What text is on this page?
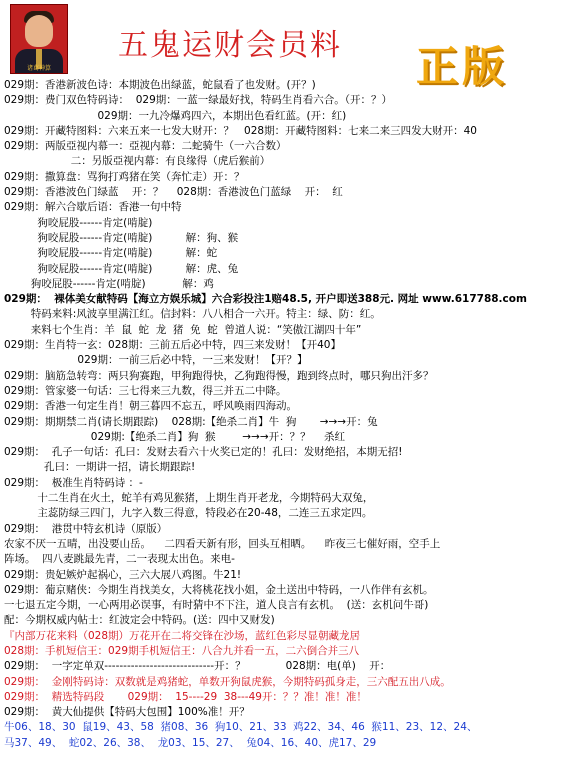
诸葛神算
五鬼运财会员料 正版
029期：香港新波色诗：本期波色出绿蓝，蛇鼠看了也发财。(开？)
029期：费门双色特码诗：  029期：一蓝一绿最好找，特码生肖看六合。（开：？）
029期：一九冷爆鸡四六，本期出色看红蓝。(开：红)
029期：开藏特图料：六来五来一七发大财开：？   028期：开藏特图料：七来二来三四发大财开：40
029期：两版亞视内幕一：亞视内幕：二蛇骑牛（一六合数）
二：另版亞视内幕：有良缘得（虎后猴前）
029期：撒算盘：骂狗打鸡猪在笑（奔忙走）开：？
029期：香港波色门绿蓝    开：？    028期：香港波色门蓝绿    开：  红
029期：解六合歇后语：香港一句中特
狗咬屁股------肯定(啃腚)
狗咬屁股------肯定(啃腚)          解：狗、猴
狗咬屁股------肯定(啃腚)          解：蛇
狗咬屁股------肯定(啃腚)          解：虎、兔
狗咬屁股------肯定(啃腚)           解：鸡
029期：  裸体美女献特码【海立方娱乐城】六合彩投注1赔48.5, 开户即送388元. 网址 www.617788.com
特码来料:风波享里满江红。信封料：八八相合一六开。特主：绿、防：红。
来料七个生肖：羊  鼠  蛇  龙  猪  免  蛇  曾道人说：“笑傲江湖四十年”
029期：生肖特一玄：028期：三前五后必中特，四三来发财！【开40】
029期：一前三后必中特，一三来发财！【开？】
029期：脑筋急转弯：两只狗赛跑，甲狗跑得快，乙狗跑得慢，跑到终点时，哪只狗出汗多？
029期：管家婆一句话：三七得来三九数，得三并五二中降。
029期：香港一句定生肖！朝三暮四不忘五，呼风唤雨四海动。
029期：期期禁二肖(请长期跟踪)    028期:【绝杀二肖】牛  狗       →→→开：兔
029期:【绝杀二肖】狗  猴        →→→开：？？    杀红
029期：  孔子一句话：孔曰：发财去看六十火奖已定的！孔曰：发财绝招，本期无招!
孔曰：一期讲一招，请长期跟踪!
029期：  极准生肖特码诗 ：-
十二生肖在火土，蛇羊有鸡见猴猪，上期生肖开老龙，今期特码大双兔，
主蕊防绿三四门，九字入数三得意，特段必在20-48，二连三五求定四。
029期：  港贯中特玄机诗（原版）
农家不厌一五晴，出没要山岳。    二四看天新有形，回头互相晒。    昨夜三七催好雨，空手上
阵场。  四八麦跳最先青，二一表现太出色。来电-
029期：贵妃嫉炉起祸心，三六大展八鸡图。牛21!
029期：葡京赌侠：今期生肖找美女，大将桃花找小姐，金土送出中特码，一八作伴有玄机。
一七退五定今期，一心两用必误事，有时猜中不下注，道人良言有玄机。  (送：玄机问牛哥)
配：今期权威内帖士：红波定会中特码。(送：四中又财发)
『内部万花来料（028期）万花开在二将交锋在沙场，蓝红色彩尽显朝藏龙居
028期：手机短信王：029期手机短信王：八合九并看一五，二六倒合并三八
029期：  一字定单双-----------------------------开：？            028期：电(单)    开：
029期：  金刚特码诗：双数就是鸡猪蛇，单数开狗鼠虎猴，今期特码孤身走，三六配五出八成。
029期：  精选特码段       029期：  15----29  38---49开：？？准！准！准！
029期：  黄大仙提供【特码大包围】100%准！开？
牛06、18、30  鼠19、43、58  猪08、36  狗10、21、33  鸡22、34、46  猴11、23、12、24、
马37、49、  蛇02、26、38、  龙03、15、27、  兔04、16、40、虎17、29
